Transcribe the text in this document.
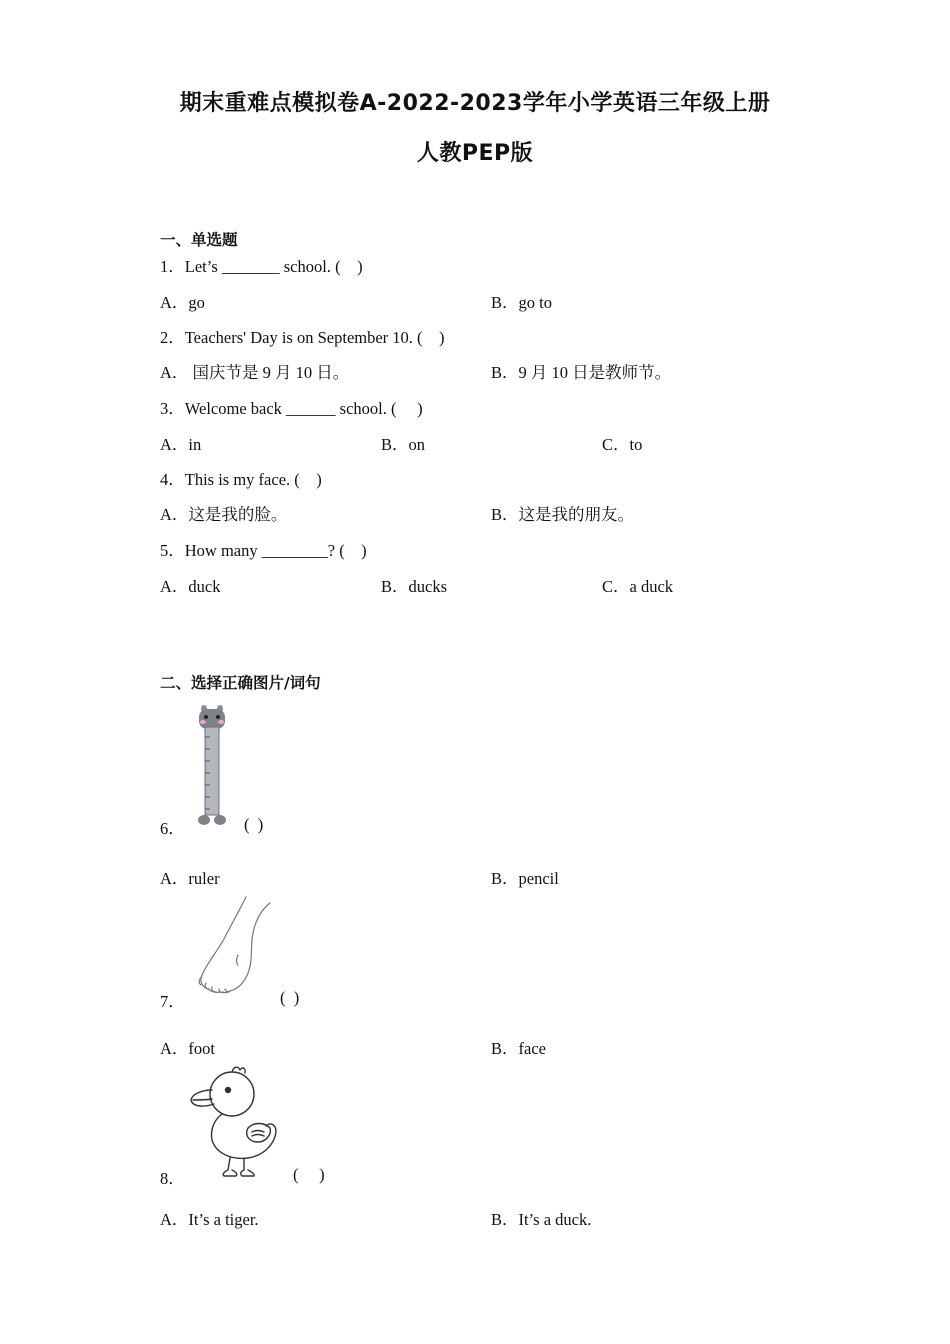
期末重难点模拟卷A-2022-2023学年小学英语三年级上册
人教PEP版
一、单选题
1．Let’s _______ school. (    )
A．go	B．go to
2．Teachers' Day is on September 10. (    )
A． 国庆节是 9 月 10 日。	B．9 月 10 日是教师节。
3．Welcome back ______ school. (     )
A．in	B．on	C．to
4．This is my face. (    )
A．这是我的脸。	B．这是我的朋友。
5．How many ________? (    )
A．duck	B．ducks	C．a duck
二、选择正确图片/词句
6．	(  )
A．ruler	B．pencil
7．	(  )
A．foot	B．face
8．	(     )
A．It’s a tiger.	B．It’s a duck.
